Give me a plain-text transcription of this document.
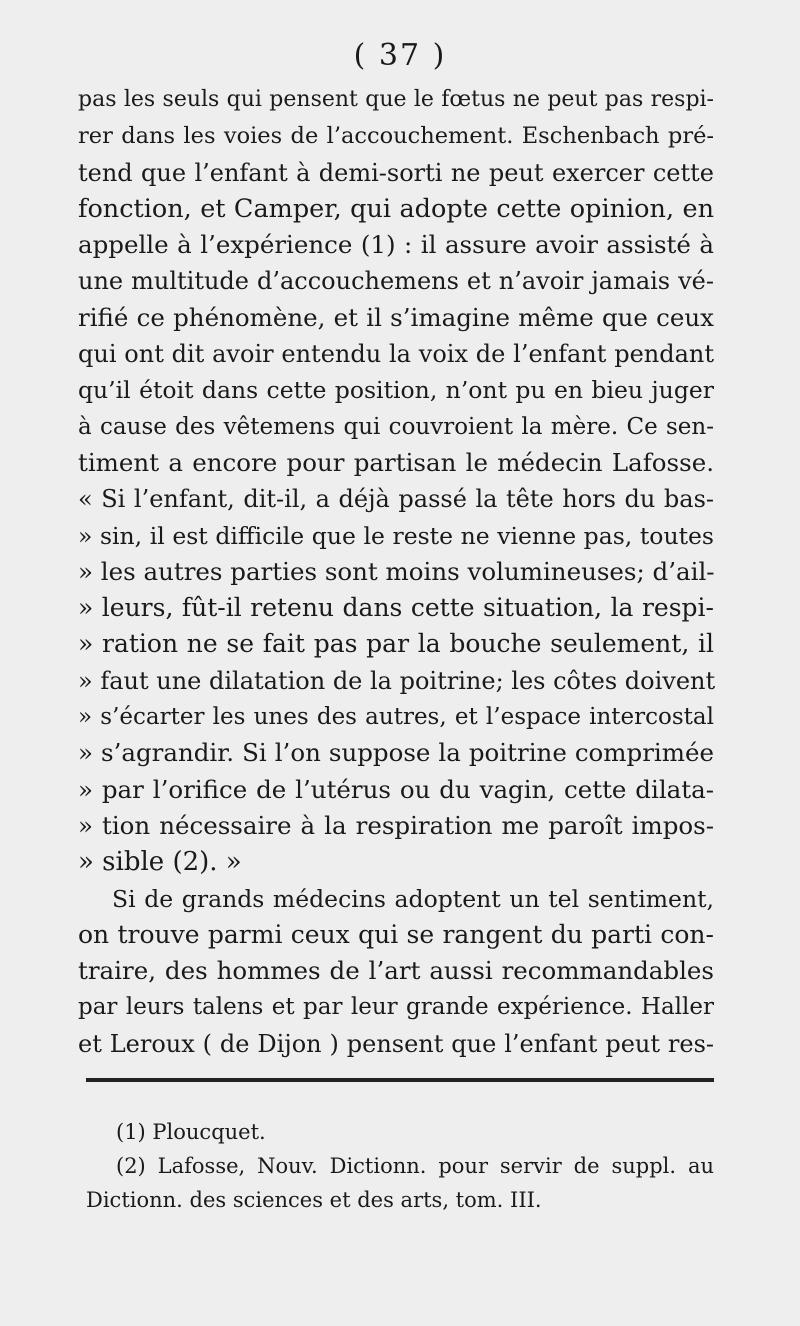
( 37 )
pas les seuls qui pensent que le fœtus ne peut pas respi-
rer dans les voies de l’accouchement. Eschenbach pré-
tend que l’enfant à demi-sorti ne peut exercer cette
fonction, et Camper, qui adopte cette opinion, en
appelle à l’expérience (1) : il assure avoir assisté à
une multitude d’accouchemens et n’avoir jamais vé-
rifié ce phénomène, et il s’imagine même que ceux
qui ont dit avoir entendu la voix de l’enfant pendant
qu’il étoit dans cette position, n’ont pu en bieu juger
à cause des vêtemens qui couvroient la mère. Ce sen-
timent a encore pour partisan le médecin Lafosse.
« Si l’enfant, dit-il, a déjà passé la tête hors du bas-
» sin, il est difficile que le reste ne vienne pas, toutes
» les autres parties sont moins volumineuses; d’ail-
» leurs, fût-il retenu dans cette situation, la respi-
» ration ne se fait pas par la bouche seulement, il
» faut une dilatation de la poitrine; les côtes doivent
» s’écarter les unes des autres, et l’espace intercostal
» s’agrandir. Si l’on suppose la poitrine comprimée
» par l’orifice de l’utérus ou du vagin, cette dilata-
» tion nécessaire à la respiration me paroît impos-
» sible (2). »
Si de grands médecins adoptent un tel sentiment,
on trouve parmi ceux qui se rangent du parti con-
traire, des hommes de l’art aussi recommandables
par leurs talens et par leur grande expérience. Haller
et Leroux ( de Dijon ) pensent que l’enfant peut res-
(1) Ploucquet.
(2) Lafosse, Nouv. Dictionn. pour servir de suppl. au
Dictionn. des sciences et des arts, tom. III.
